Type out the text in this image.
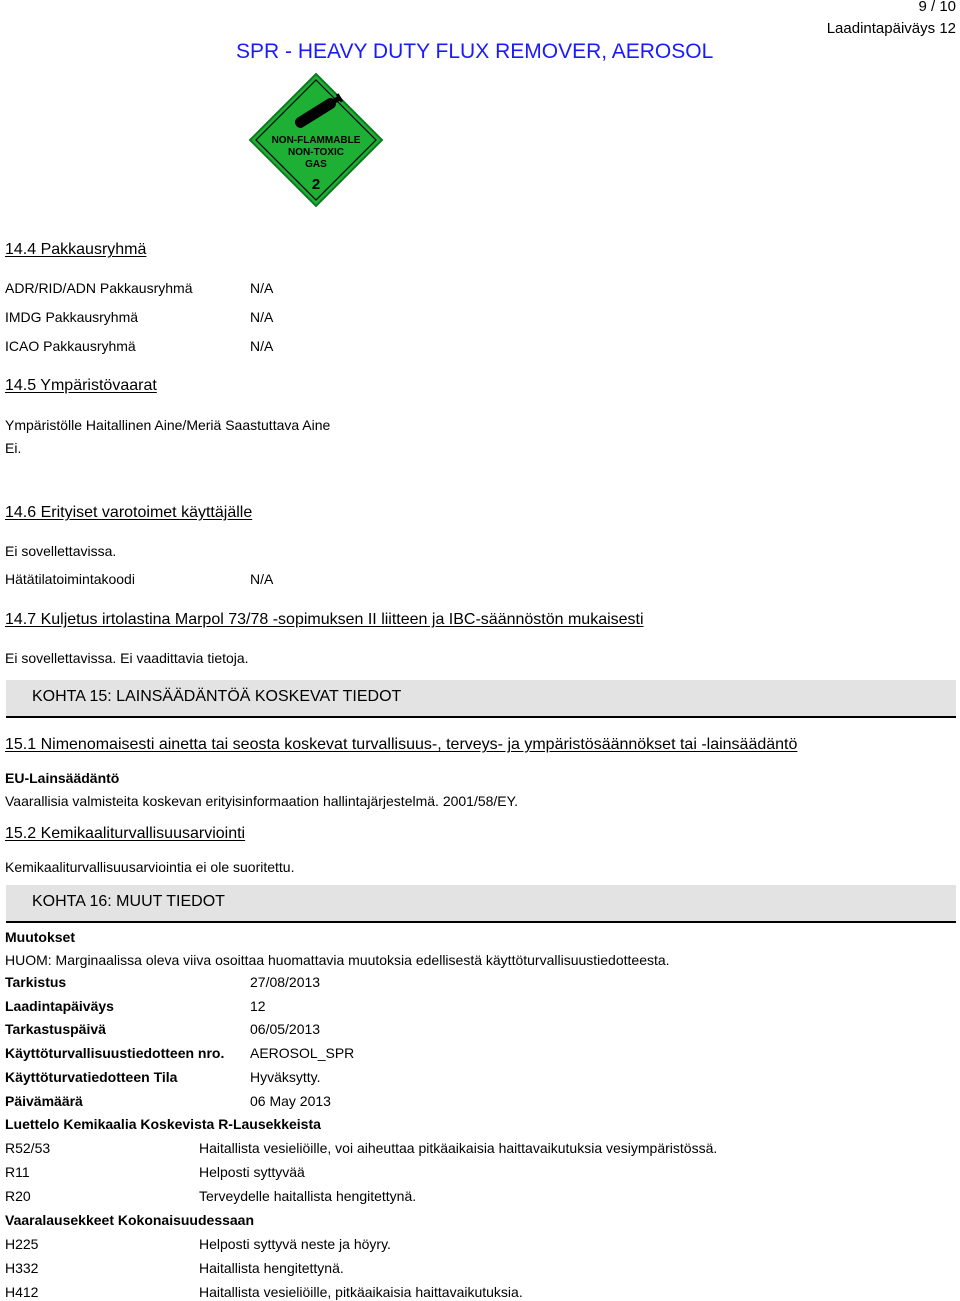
9 / 10
Laadintapäiväys 12
SPR - HEAVY DUTY FLUX REMOVER, AEROSOL
NON-FLAMMABLE
NON-TOXIC
GAS
2
14.4 Pakkausryhmä
ADR/RID/ADN Pakkausryhmä	N/A
IMDG Pakkausryhmä	N/A
ICAO Pakkausryhmä	N/A
14.5 Ympäristövaarat
Ympäristölle Haitallinen Aine/Meriä Saastuttava Aine
Ei.
14.6 Erityiset varotoimet käyttäjälle
Ei sovellettavissa.
Hätätilatoimintakoodi	N/A
14.7 Kuljetus irtolastina Marpol 73/78 -sopimuksen II liitteen ja IBC-säännöstön mukaisesti
Ei sovellettavissa. Ei vaadittavia tietoja.
KOHTA 15: LAINSÄÄDÄNTÖÄ KOSKEVAT TIEDOT
15.1 Nimenomaisesti ainetta tai seosta koskevat turvallisuus-, terveys- ja ympäristösäännökset tai -lainsäädäntö
EU-Lainsäädäntö
Vaarallisia valmisteita koskevan erityisinformaation hallintajärjestelmä. 2001/58/EY.
15.2 Kemikaaliturvallisuusarviointi
Kemikaaliturvallisuusarviointia ei ole suoritettu.
KOHTA 16: MUUT TIEDOT
Muutokset
HUOM: Marginaalissa oleva viiva osoittaa huomattavia muutoksia edellisestä käyttöturvallisuustiedotteesta.
Tarkistus	27/08/2013
Laadintapäiväys	12
Tarkastuspäivä	06/05/2013
Käyttöturvallisuustiedotteen nro. AEROSOL_SPR
Käyttöturvatiedotteen Tila	Hyväksytty.
Päivämäärä	06 May 2013
Luettelo Kemikaalia Koskevista R-Lausekkeista
R52/53	Haitallista vesieliöille, voi aiheuttaa pitkäaikaisia haittavaikutuksia vesiympäristössä.
R11	Helposti syttyvää
R20	Terveydelle haitallista hengitettynä.
Vaaralausekkeet Kokonaisuudessaan
H225	Helposti syttyvä neste ja höyry.
H332	Haitallista hengitettynä.
H412	Haitallista vesieliöille, pitkäaikaisia haittavaikutuksia.
